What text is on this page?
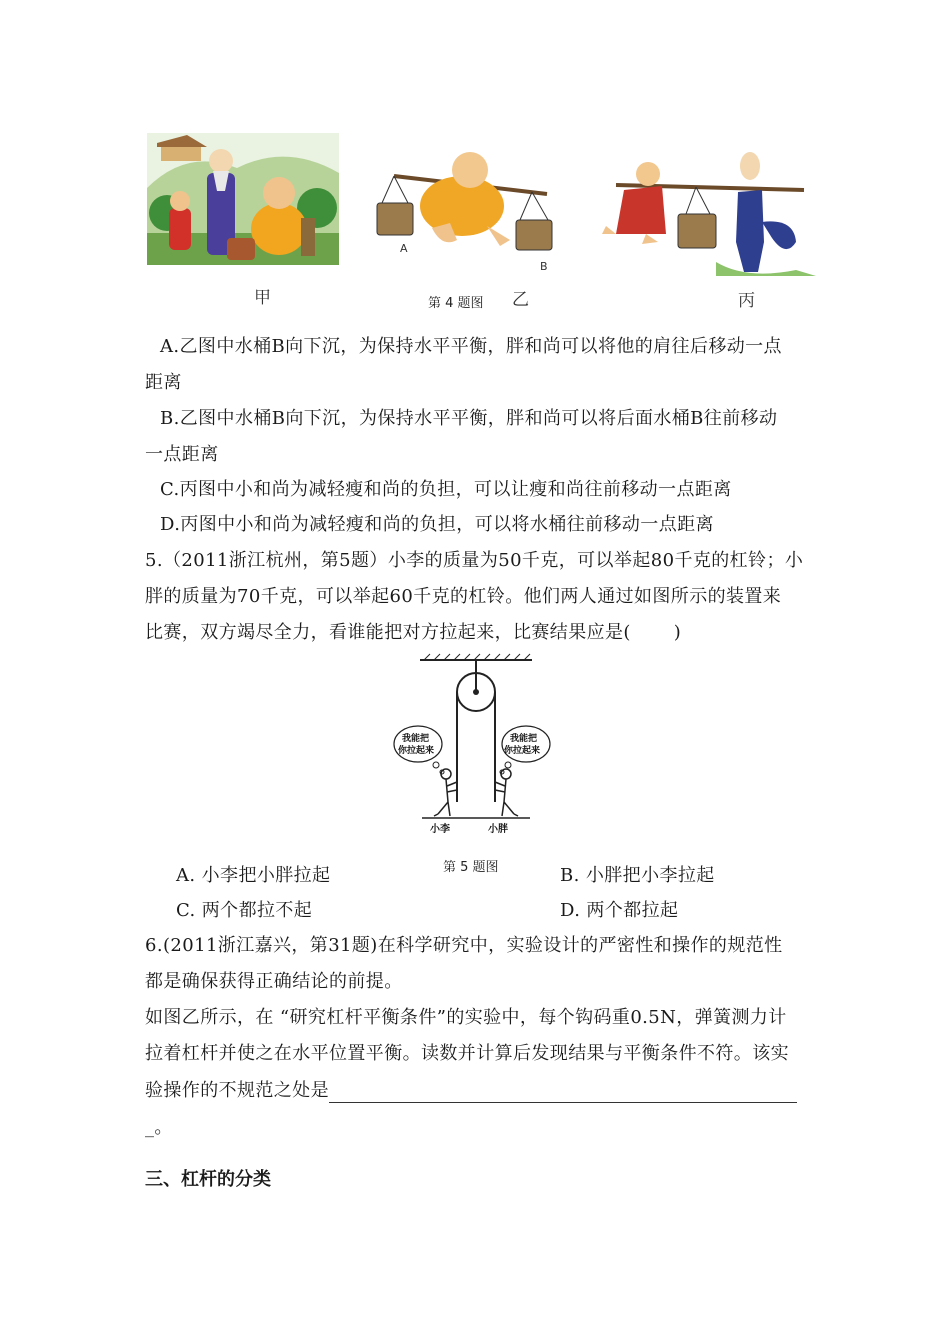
A
B
甲	第 4 题图 乙	丙
A.乙图中水桶B向下沉，为保持水平平衡，胖和尚可以将他的肩往后移动一点
距离
B.乙图中水桶B向下沉，为保持水平平衡，胖和尚可以将后面水桶B往前移动
一点距离
C.丙图中小和尚为减轻瘦和尚的负担，可以让瘦和尚往前移动一点距离
D.丙图中小和尚为减轻瘦和尚的负担，可以将水桶往前移动一点距离
5.（2011浙江杭州，第5题）小李的质量为50千克，可以举起80千克的杠铃；小
胖的质量为70千克，可以举起60千克的杠铃。他们两人通过如图所示的装置来
比赛，双方竭尽全力，看谁能把对方拉起来，比赛结果应是(　　 )
我能把
你拉起来
我能把
你拉起来
小李	小胖
第 5 题图
A. 小李把小胖拉起	B. 小胖把小李拉起
C. 两个都拉不起	D. 两个都拉起
6.(2011浙江嘉兴，第31题)在科学研究中，实验设计的严密性和操作的规范性
都是确保获得正确结论的前提。
如图乙所示，在 “研究杠杆平衡条件”的实验中，每个钩码重0.5N，弹簧测力计
拉着杠杆并使之在水平位置平衡。读数并计算后发现结果与平衡条件不符。该实
验操作的不规范之处是
_。
三、杠杆的分类
